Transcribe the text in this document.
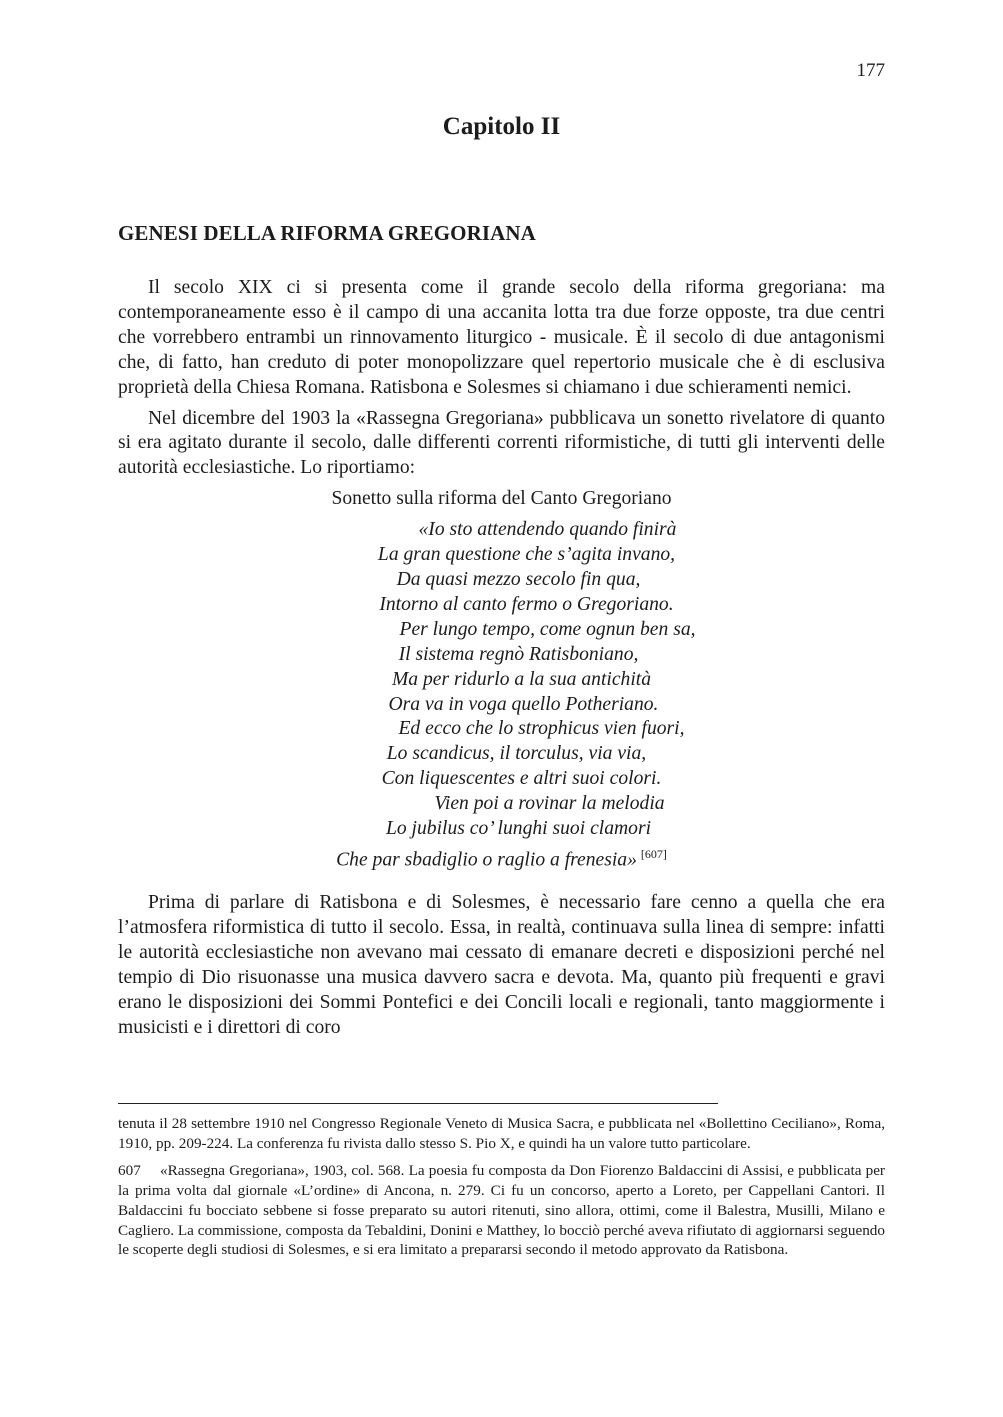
177
Capitolo II
GENESI DELLA RIFORMA GREGORIANA

Il secolo XIX ci si presenta come il grande secolo della riforma gregoriana: ma contemporaneamente esso è il campo di una accanita lotta tra due forze opposte, tra due centri che vorrebbero entrambi un rinnovamento liturgico - musicale. È il secolo di due antagonismi che, di fatto, han creduto di poter monopolizzare quel repertorio musicale che è di esclusiva proprietà della Chiesa Romana. Ratisbona e Solesmes si chiamano i due schieramenti nemici.

Nel dicembre del 1903 la «Rassegna Gregoriana» pubblicava un sonetto rivelatore di quanto si era agitato durante il secolo, dalle differenti correnti riformistiche, di tutti gli interventi delle autorità ecclesiastiche. Lo riportiamo:

Sonetto sulla riforma del Canto Gregoriano
«Io sto attendendo quando finirà
La gran questione che s’agita invano,
Da quasi mezzo secolo fin qua,
Intorno al canto fermo o Gregoriano.
Per lungo tempo, come ognun ben sa,
Il sistema regnò Ratisboniano,
Ma per ridurlo a la sua antichità
Ora va in voga quello Potheriano.
Ed ecco che lo strophicus vien fuori,
Lo scandicus, il torculus, via via,
Con liquescentes e altri suoi colori.
Vien poi a rovinar la melodia
Lo jubilus co’ lunghi suoi clamori
Che par sbadiglio o raglio a frenesia» [607]

Prima di parlare di Ratisbona e di Solesmes, è necessario fare cenno a quella che era l’atmosfera riformistica di tutto il secolo. Essa, in realtà, continuava sulla linea di sempre: infatti le autorità ecclesiastiche non avevano mai cessato di emanare decreti e disposizioni perché nel tempio di Dio risuonasse una musica davvero sacra e devota. Ma, quanto più frequenti e gravi erano le disposizioni dei Sommi Pontefici e dei Concili locali e regionali, tanto maggiormente i musicisti e i direttori di coro

tenuta il 28 settembre 1910 nel Congresso Regionale Veneto di Musica Sacra, e pubblicata nel «Bollettino Ceciliano», Roma, 1910, pp. 209-224. La conferenza fu rivista dallo stesso S. Pio X, e quindi ha un valore tutto particolare.

607 «Rassegna Gregoriana», 1903, col. 568. La poesia fu composta da Don Fiorenzo Baldaccini di Assisi, e pubblicata per la prima volta dal giornale «L’ordine» di Ancona, n. 279. Ci fu un concorso, aperto a Loreto, per Cappellani Cantori. Il Baldaccini fu bocciato sebbene si fosse preparato su autori ritenuti, sino allora, ottimi, come il Balestra, Musilli, Milano e Cagliero. La commissione, composta da Tebaldini, Donini e Matthey, lo bocciò perché aveva rifiutato di aggiornarsi seguendo le scoperte degli studiosi di Solesmes, e si era limitato a prepararsi secondo il metodo approvato da Ratisbona.
